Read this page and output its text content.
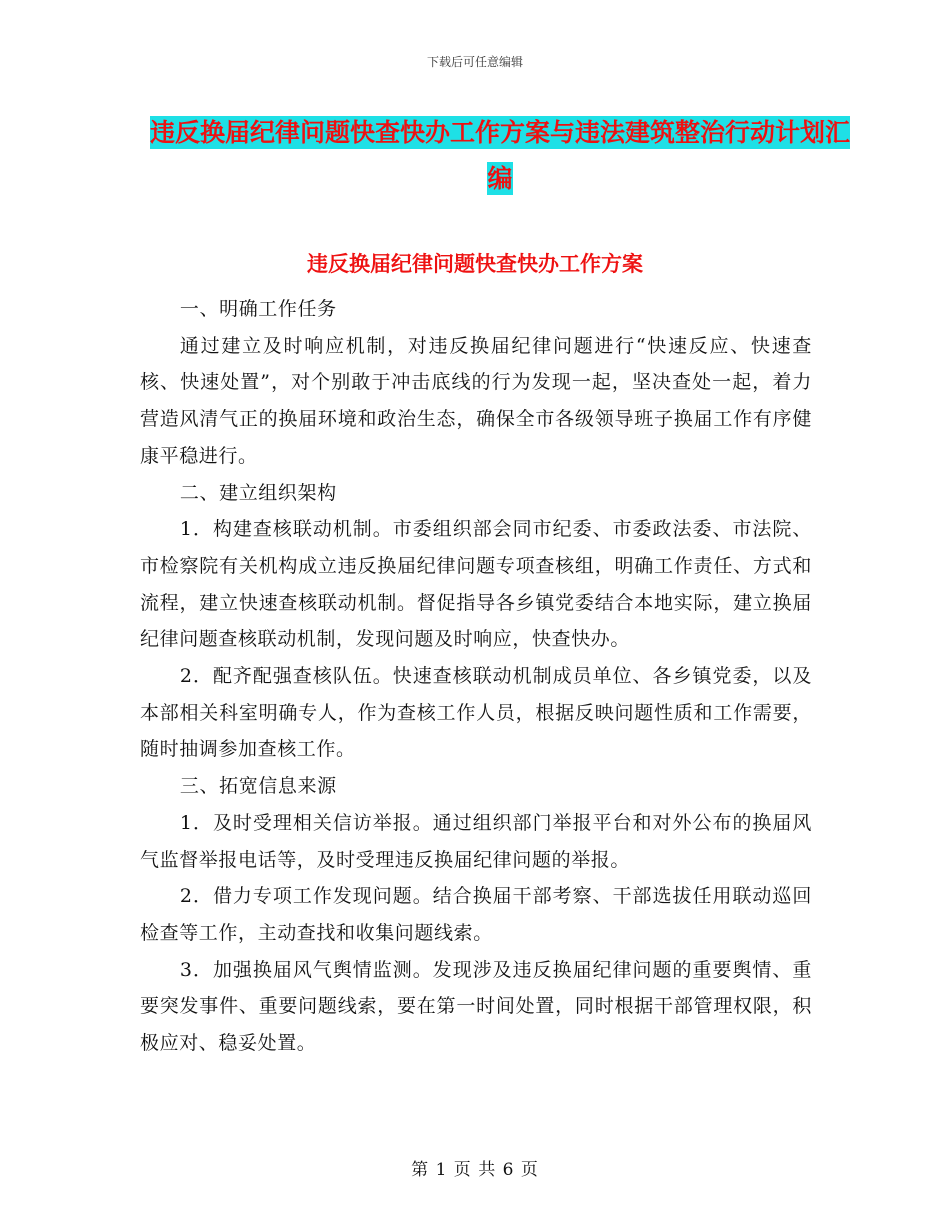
下载后可任意编辑
违反换届纪律问题快查快办工作方案与违法建筑整治行动计划汇编
违反换届纪律问题快查快办工作方案

一、明确工作任务

通过建立及时响应机制，对违反换届纪律问题进行“快速反应、快速查核、快速处置”，对个别敢于冲击底线的行为发现一起，坚决查处一起，着力营造风清气正的换届环境和政治生态，确保全市各级领导班子换届工作有序健康平稳进行。

二、建立组织架构

1．构建查核联动机制。市委组织部会同市纪委、市委政法委、市法院、市检察院有关机构成立违反换届纪律问题专项查核组，明确工作责任、方式和流程，建立快速查核联动机制。督促指导各乡镇党委结合本地实际，建立换届纪律问题查核联动机制，发现问题及时响应，快查快办。

2．配齐配强查核队伍。快速查核联动机制成员单位、各乡镇党委，以及本部相关科室明确专人，作为查核工作人员，根据反映问题性质和工作需要，随时抽调参加查核工作。

三、拓宽信息来源

1．及时受理相关信访举报。通过组织部门举报平台和对外公布的换届风气监督举报电话等，及时受理违反换届纪律问题的举报。

2．借力专项工作发现问题。结合换届干部考察、干部选拔任用联动巡回检查等工作，主动查找和收集问题线索。

3．加强换届风气舆情监测。发现涉及违反换届纪律问题的重要舆情、重要突发事件、重要问题线索，要在第一时间处置，同时根据干部管理权限，积极应对、稳妥处置。

第 1 页 共 6 页
